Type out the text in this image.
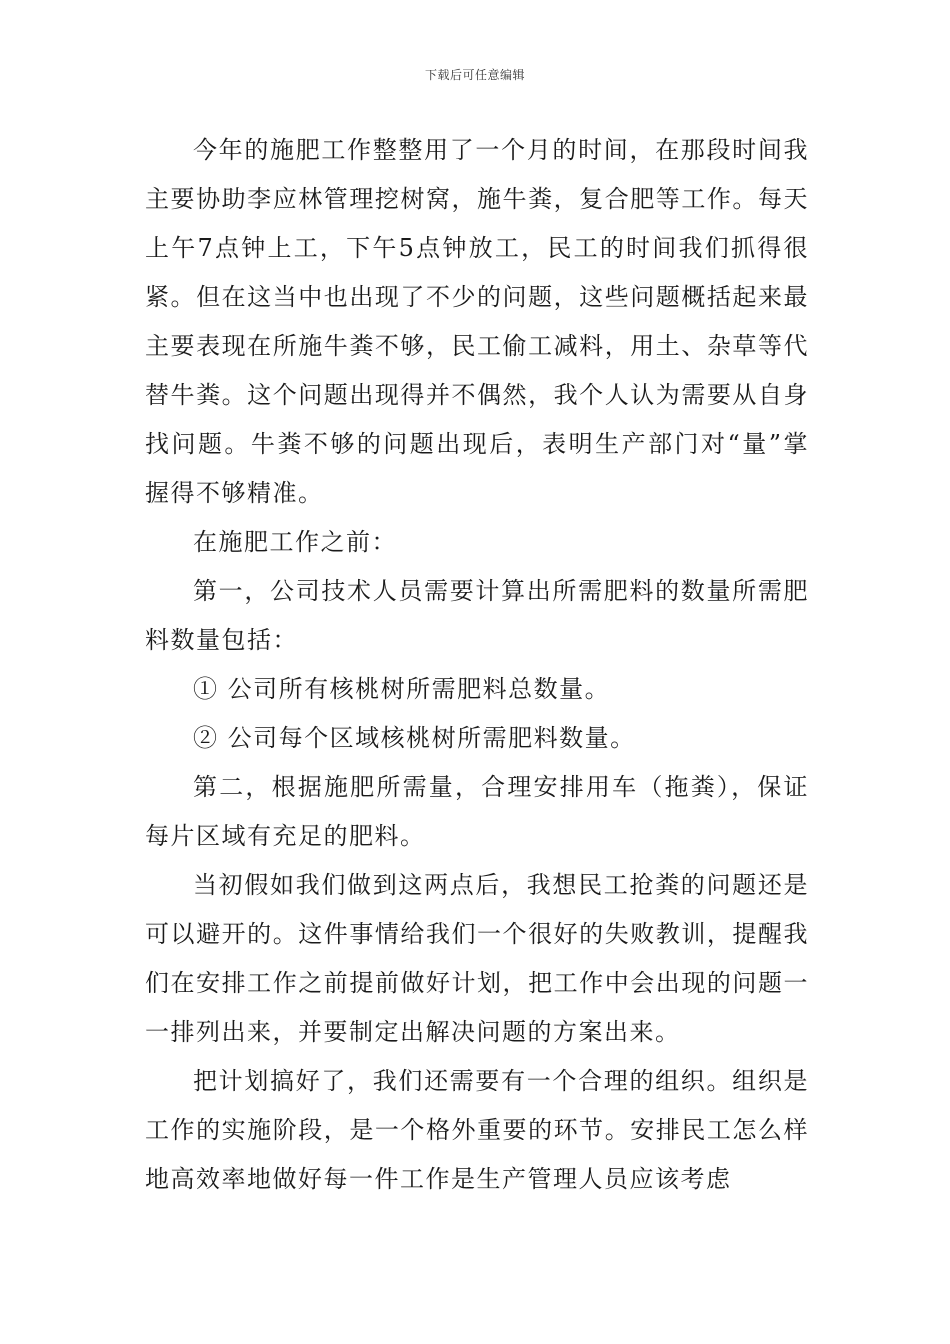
下载后可任意编辑

今年的施肥工作整整用了一个月的时间，在那段时间我主要协助李应林管理挖树窝，施牛粪，复合肥等工作。每天上午7点钟上工，下午5点钟放工，民工的时间我们抓得很紧。但在这当中也出现了不少的问题，这些问题概括起来最主要表现在所施牛粪不够，民工偷工减料，用土、杂草等代替牛粪。这个问题出现得并不偶然，我个人认为需要从自身找问题。牛粪不够的问题出现后，表明生产部门对“量”掌握得不够精准。

在施肥工作之前：

第一，公司技术人员需要计算出所需肥料的数量所需肥料数量包括：

① 公司所有核桃树所需肥料总数量。

② 公司每个区域核桃树所需肥料数量。

第二，根据施肥所需量，合理安排用车（拖粪），保证每片区域有充足的肥料。

当初假如我们做到这两点后，我想民工抢粪的问题还是可以避开的。这件事情给我们一个很好的失败教训，提醒我们在安排工作之前提前做好计划，把工作中会出现的问题一一排列出来，并要制定出解决问题的方案出来。

把计划搞好了，我们还需要有一个合理的组织。组织是工作的实施阶段，是一个格外重要的环节。安排民工怎么样地高效率地做好每一件工作是生产管理人员应该考虑
